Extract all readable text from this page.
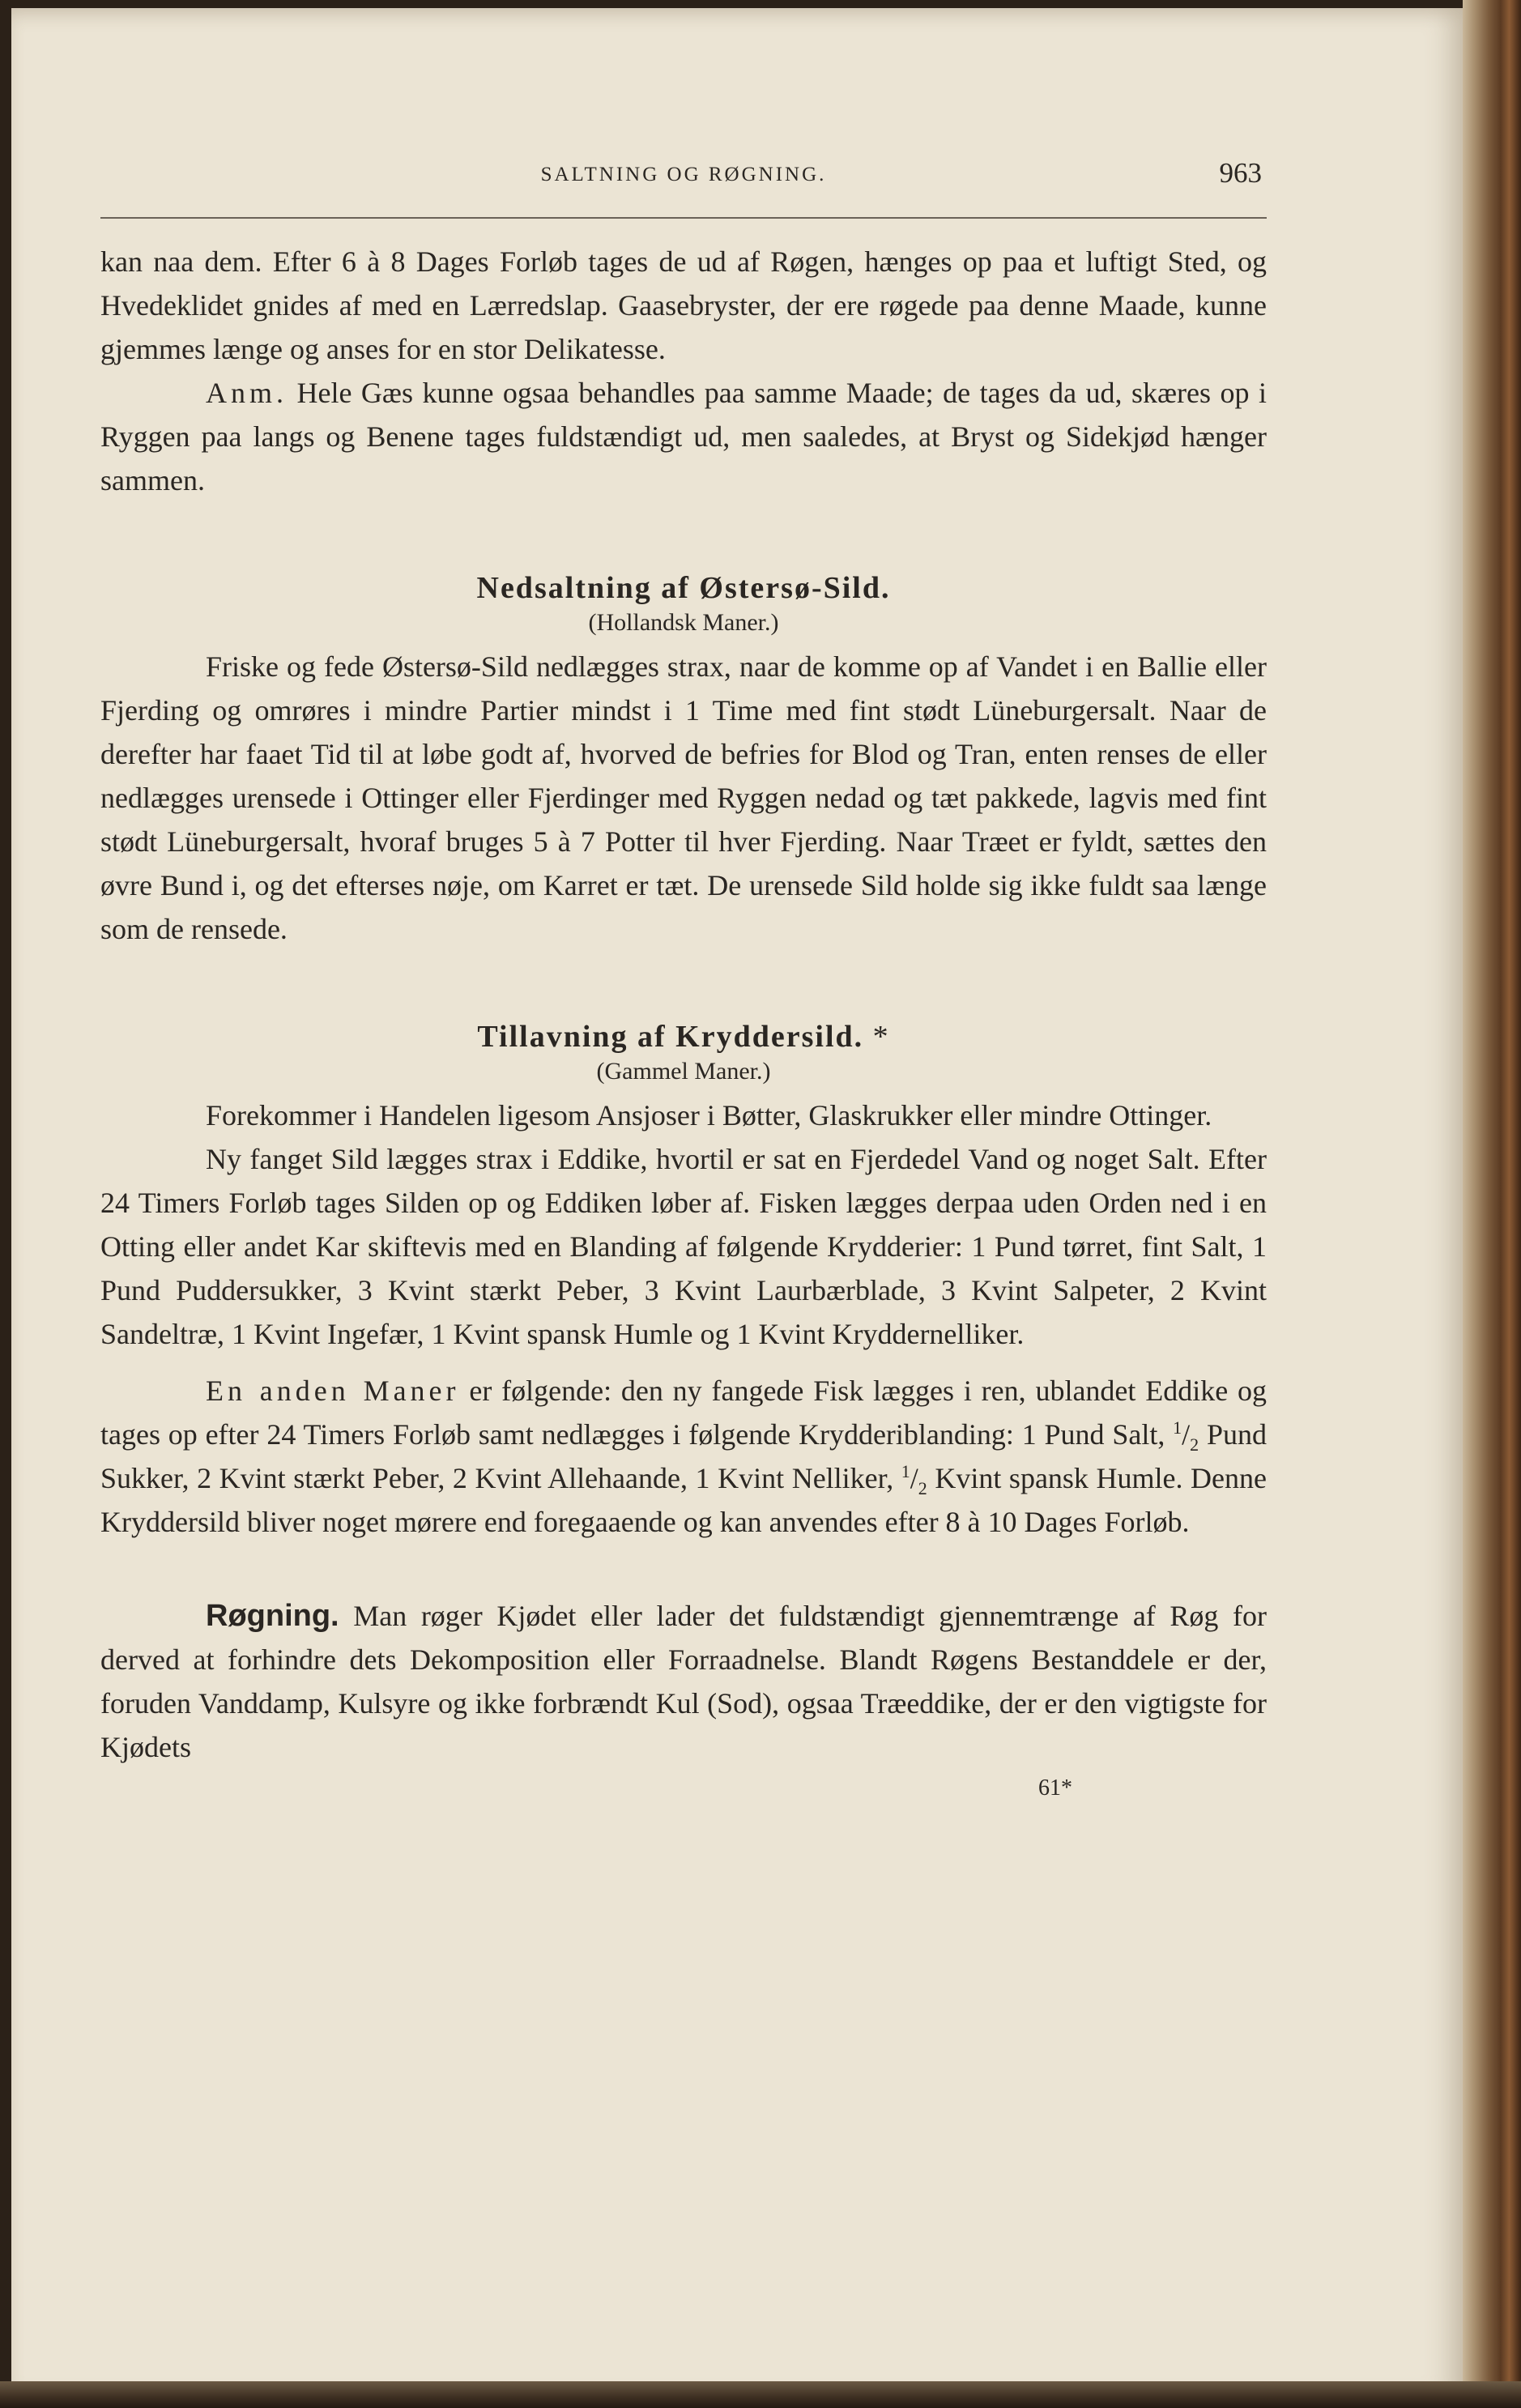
SALTNING OG RØGNING.	963

kan naa dem. Efter 6 à 8 Dages Forløb tages de ud af Røgen, hænges op paa et luftigt Sted, og Hvedeklidet gnides af med en Lærredslap. Gaasebryster, der ere røgede paa denne Maade, kunne gjemmes længe og anses for en stor Delikatesse.

Anm. Hele Gæs kunne ogsaa behandles paa samme Maade; de tages da ud, skæres op i Ryggen paa langs og Benene tages fuldstændigt ud, men saaledes, at Bryst og Sidekjød hænger sammen.

Nedsaltning af Østersø-Sild.
(Hollandsk Maner.)

Friske og fede Østersø-Sild nedlægges strax, naar de komme op af Vandet i en Ballie eller Fjerding og omrøres i mindre Partier mindst i 1 Time med fint stødt Lüneburgersalt. Naar de derefter har faaet Tid til at løbe godt af, hvorved de befries for Blod og Tran, enten renses de eller nedlægges urensede i Ottinger eller Fjerdinger med Ryggen nedad og tæt pakkede, lagvis med fint stødt Lüneburgersalt, hvoraf bruges 5 à 7 Potter til hver Fjerding. Naar Træet er fyldt, sættes den øvre Bund i, og det efterses nøje, om Karret er tæt. De urensede Sild holde sig ikke fuldt saa længe som de rensede.

Tillavning af Kryddersild. *
(Gammel Maner.)

Forekommer i Handelen ligesom Ansjoser i Bøtter, Glaskrukker eller mindre Ottinger.

Ny fanget Sild lægges strax i Eddike, hvortil er sat en Fjerdedel Vand og noget Salt. Efter 24 Timers Forløb tages Silden op og Eddiken løber af. Fisken lægges derpaa uden Orden ned i en Otting eller andet Kar skiftevis med en Blanding af følgende Krydderier: 1 Pund tørret, fint Salt, 1 Pund Puddersukker, 3 Kvint stærkt Peber, 3 Kvint Laurbærblade, 3 Kvint Salpeter, 2 Kvint Sandeltræ, 1 Kvint Ingefær, 1 Kvint spansk Humle og 1 Kvint Kryddernelliker.

En anden Maner er følgende: den ny fangede Fisk lægges i ren, ublandet Eddike og tages op efter 24 Timers Forløb samt nedlægges i følgende Krydderiblanding: 1 Pund Salt, $^1/_2$ Pund Sukker, 2 Kvint stærkt Peber, 2 Kvint Allehaande, 1 Kvint Nelliker, $^1/_2$ Kvint spansk Humle. Denne Kryddersild bliver noget mørere end foregaaende og kan anvendes efter 8 à 10 Dages Forløb.

Røgning. Man røger Kjødet eller lader det fuldstændigt gjennemtrænge af Røg for derved at forhindre dets Dekomposition eller Forraadnelse. Blandt Røgens Bestanddele er der, foruden Vanddamp, Kulsyre og ikke forbrændt Kul (Sod), ogsaa Træeddike, der er den vigtigste for Kjødets

61*
